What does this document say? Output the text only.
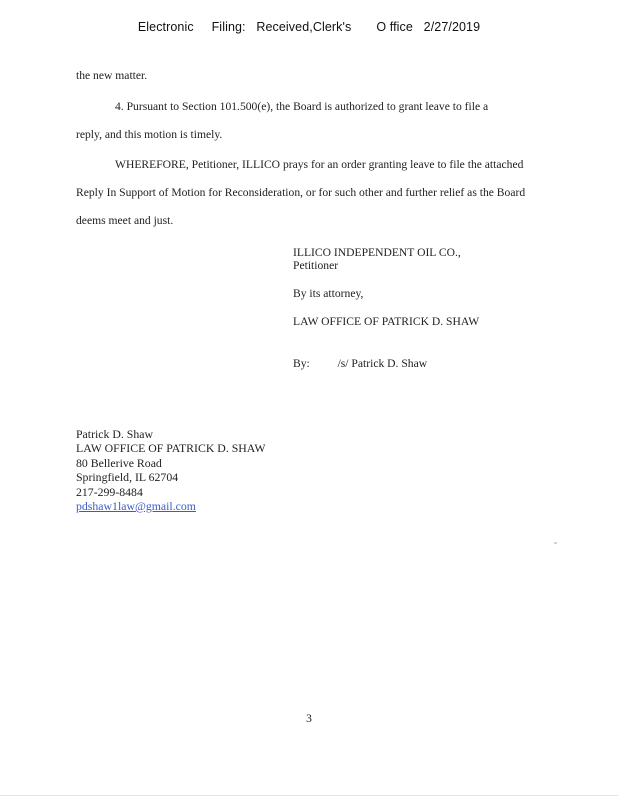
Electronic     Filing:   Received,Clerk's       O ffice   2/27/2019
the new matter.
4. Pursuant to Section 101.500(e), the Board is authorized to grant leave to file a
reply, and this motion is timely.
WHEREFORE, Petitioner, ILLICO prays for an order granting leave to file the attached
Reply In Support of Motion for Reconsideration, or for such other and further relief as the Board
deems meet and just.
ILLICO INDEPENDENT OIL CO.,
Petitioner
By its attorney,
LAW OFFICE OF PATRICK D. SHAW
By: /s/ Patrick D. Shaw
Patrick D. Shaw
LAW OFFICE OF PATRICK D. SHAW
80 Bellerive Road
Springfield, IL 62704
217-299-8484
pdshaw1law@gmail.com
3
